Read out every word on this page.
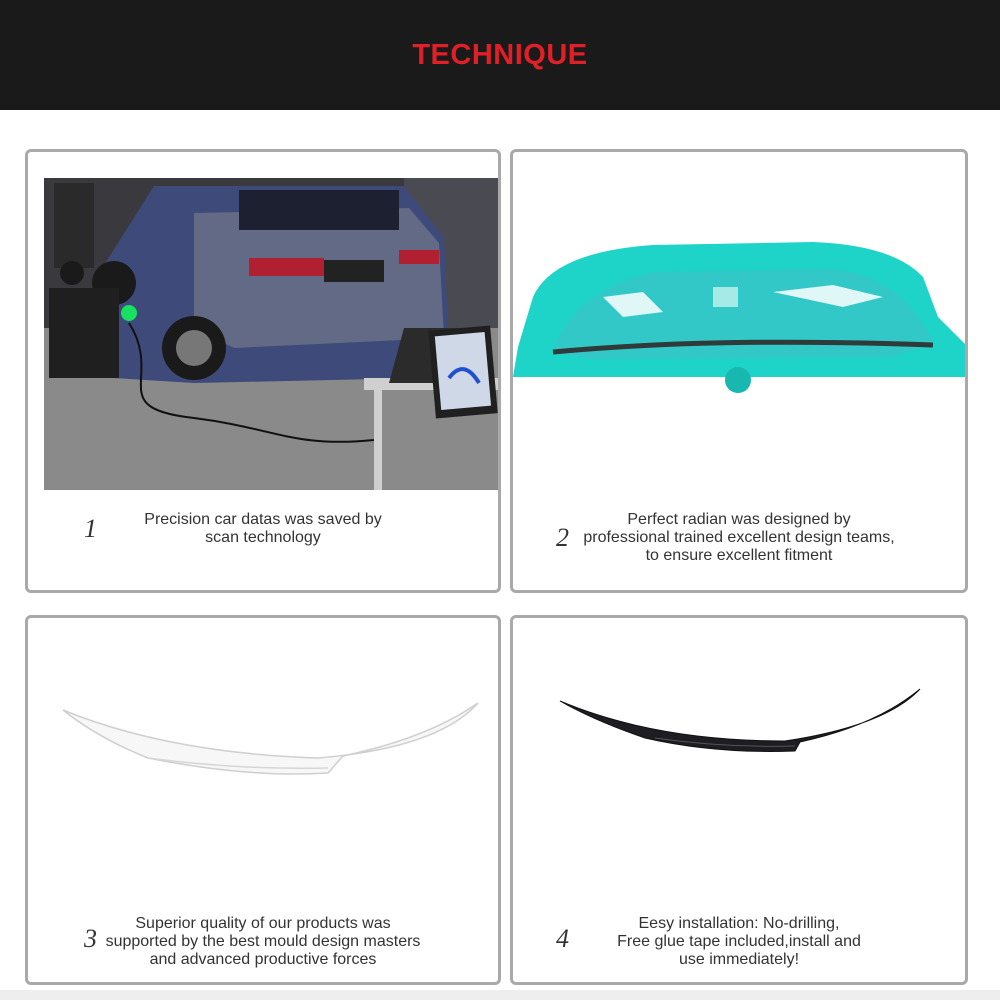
TECHNIQUE
1	Precision car datas was saved by
scan technology	2
Perfect radian was designed by
professional trained excellent design teams,
to ensure excellent fitment
3
Superior quality of our products was
supported by the best mould design masters
and advanced productive forces
4
Eesy installation: No-drilling,
Free glue tape included,install and
use immediately!
